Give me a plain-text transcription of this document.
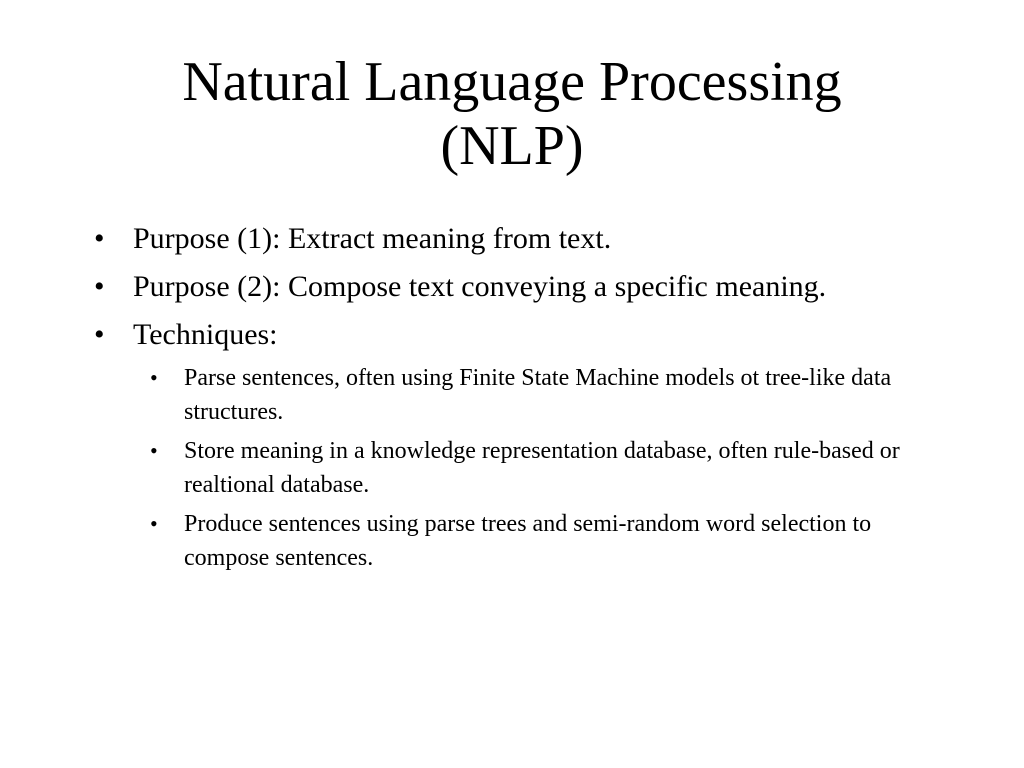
Natural Language Processing
(NLP)
• Purpose (1): Extract meaning from text.
• Purpose (2): Compose text conveying a specific meaning.
• Techniques:
•	Parse sentences, often using Finite State Machine models ot tree-like data structures.
•	Store meaning in a knowledge representation database, often rule-based or realtional database.
•	Produce sentences using parse trees and semi-random word selection to compose sentences.
